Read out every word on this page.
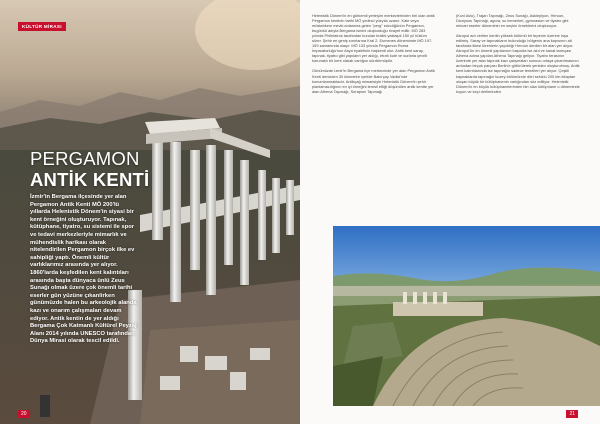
KÜLTÜR MİRASI
PERGAMON
ANTİK KENTİ
İzmir'in Bergama ilçesinde yer alan Pergamon Antik Kenti MÖ 200'lü yıllarda Helenistik Dönem'in siyasi bir kent örneğini oluşturuyor. Tapınak, kütüphane, tiyatro, su sistemi ile spor ve tedavi merkezleriyle mimarlık ve mühendislik harikası olarak nitelendirilen Pergamon birçok ilke ev sahipliği yaptı. Önemli kültür varlıklarımız arasında yer alıyor. 1860'larda keşfedilen kent kalıntıları arasında başta dünyaca ünlü Zeus Sunağı olmak üzere çok önemli tarihi eserler gün yüzüne çıkanlirken günümüzde halen bu arkeolojik alanda kazı ve onarım çalışmaları devam ediyor. Antik kentin de yer aldığı Bergama Çok Katmanlı Kültürel Peyzaj Alanı 2014 yılında UNESCO tarafından Dünya Mirasi olarak tescil edildi.
20

Helenistik Dönem'in en görkemli yerleşim merkezlerinden biri olan antik Pergamon kentinin tarihi MÖ yedinci yüzyıla uzanır. Kale veya müstahkem mevki anlamına gelen "perg" sözcüğünün Pergamon, bugünkü adıyla Bergama ismini oluşturduğu rivayet edilir. MÖ 283 yılında Philetairos tarafından kurulan krallık yaklaşık 150 yıl hüküm sürer. Şehir en geniş sınırlarına Kral 2. Eumenes döneminde MÖ 197-159 zamanında ulaşır. MÖ 133 yılında Pergamon Roma İmparatorluğu'nun Asya eyaletinin başkenti olur. Antik kent saray, tapınak, tiyatro gibi yapıların yer aldığı, etrafı kule ve surlarla çevrili korunaklı bir kent olarak varlığını sürdürmüştür.

Günümüzde İzmir'in Bergama ilçe merkezinde yer alan Pergamon Antik Kenti denizden 30 kilometre içeride Bakırçay Vadisi'nde konumlanmaktadır. Antikçağ mimarisiyle Helenistik Dönem'in şehir planlamacılığının en iyi örneğini temsil ettiği düşünülen antik kentte yer alan Athena Tapınağı, Serapion Tapınağı

(Kızıl Avlu), Trajan Tapınağı, Zeus Sunağı, Asklepiyon, Heroon, Dionysos Tapınağı, agora, su kemerleri, gymnasion ve tiyatro gibi mimari eserler döneminin en seçkin örneklerini oluşturuyor.

Akropol adı verilen kentin yüksek bölümü bir tepenin üzerine inşa edilmiş. Saray ve tapınakların bulunduğu bölgenin ana kapısının alt tarafında ilkesi törenlerin yapıldığı Heroon denilen bir alan yer alıyor. Akropol'ün en önemli yapılarının başında ise akıl ve sanat tanrıçası Athena adına yapılan Athena Tapınağı geliyor. Tiyatro terasının üzerinde yer alan tapınak kazı çalışmaları sonucu ortaya çıkarılmasının ardından birçok parçası Berlin'e götürülerek yeniden oluşturulmuş. Antik kent kalıntılarında ise tapınağın sadece temelleri yer alıyor. Çeşitli kaynaklarda tapınağın kuzey bölümünde dört sekizlu 200 bin kitaptan oluşan büyük bir kütüphanenin varlığından söz ediliyor. Helenistik Dönem'in en büyük kütüphanelerinden biri olan kütüphane o döneminde koyun ve keçi derilerinden

21
